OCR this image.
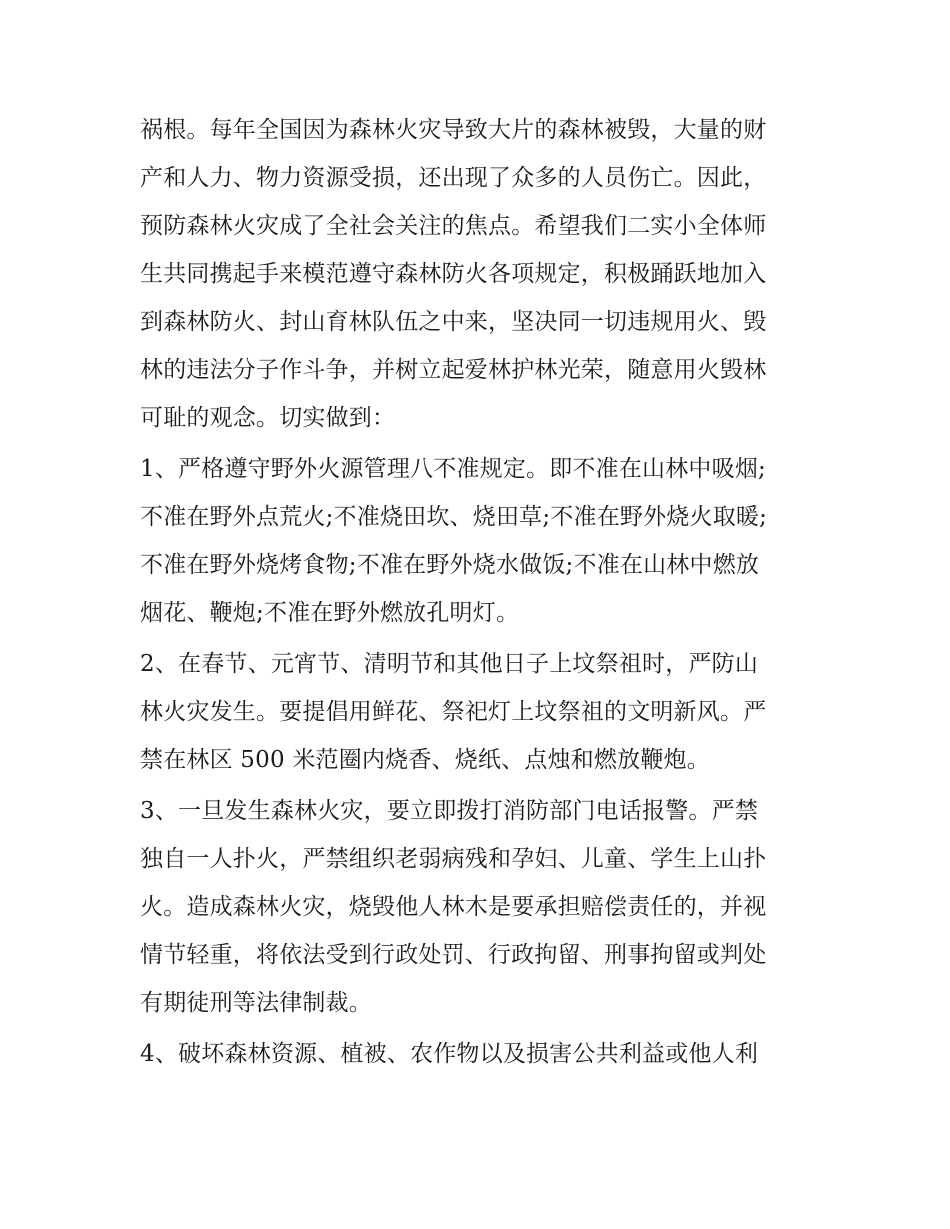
祸根。每年全国因为森林火灾导致大片的森林被毁，大量的财
产和人力、物力资源受损，还出现了众多的人员伤亡。因此，
预防森林火灾成了全社会关注的焦点。希望我们二实小全体师
生共同携起手来模范遵守森林防火各项规定，积极踊跃地加入
到森林防火、封山育林队伍之中来，坚决同一切违规用火、毁
林的违法分子作斗争，并树立起爱林护林光荣，随意用火毁林
可耻的观念。切实做到：
1、严格遵守野外火源管理八不准规定。即不准在山林中吸烟;
不准在野外点荒火;不准烧田坎、烧田草;不准在野外烧火取暖;
不准在野外烧烤食物;不准在野外烧水做饭;不准在山林中燃放
烟花、鞭炮;不准在野外燃放孔明灯。
2、在春节、元宵节、清明节和其他日子上坟祭祖时，严防山
林火灾发生。要提倡用鲜花、祭祀灯上坟祭祖的文明新风。严
禁在林区 500 米范圈内烧香、烧纸、点烛和燃放鞭炮。
3、一旦发生森林火灾，要立即拨打消防部门电话报警。严禁
独自一人扑火，严禁组织老弱病残和孕妇、儿童、学生上山扑
火。造成森林火灾，烧毁他人林木是要承担赔偿责任的，并视
情节轻重，将依法受到行政处罚、行政拘留、刑事拘留或判处
有期徒刑等法律制裁。
4、破坏森林资源、植被、农作物以及损害公共利益或他人利
